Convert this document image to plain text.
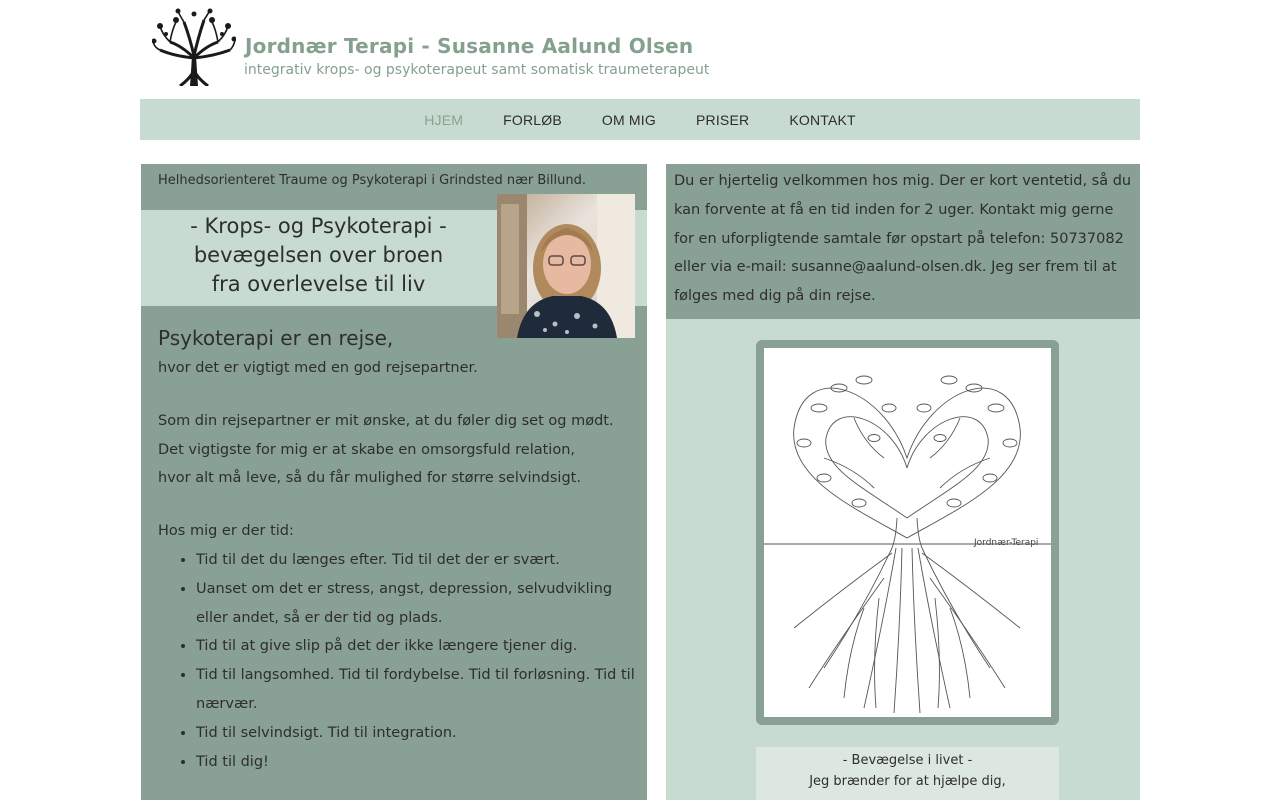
Jordnær Terapi - Susanne Aalund Olsen
integrativ krops- og psykoterapeut samt somatisk traumeterapeut
HJEM	FORLØB	OM MIG	PRISER	KONTAKT
Helhedsorienteret Traume og Psykoterapi i Grindsted nær Billund.
- Krops- og Psykoterapi -
bevægelsen over broen
fra overlevelse til liv

Psykoterapi er en rejse,

hvor det er vigtigt med en god rejsepartner.

Som din rejsepartner er mit ønske, at du føler dig set og mødt.

Det vigtigste for mig er at skabe en omsorgsfuld relation,

hvor alt må leve, så du får mulighed for større selvindsigt.

Hos mig er der tid:

• Tid til det du længes efter. Tid til det der er svært.
• Uanset om det er stress, angst, depression, selvudvikling eller andet, så er der tid og plads.
• Tid til at give slip på det der ikke længere tjener dig.
• Tid til langsomhed. Tid til fordybelse. Tid til forløsning. Tid til nærvær.
• Tid til selvindsigt. Tid til integration.
• Tid til dig!

Du er hjertelig velkommen hos mig. Der er kort ventetid, så du kan forvente at få en tid inden for 2 uger. Kontakt mig gerne for en uforpligtende samtale før opstart på telefon: 50737082 eller via e-mail: susanne@aalund-olsen.dk. Jeg ser frem til at følges med dig på din rejse.

Jordnær-Terapi
- Bevægelse i livet -
Jeg brænder for at hjælpe dig,
